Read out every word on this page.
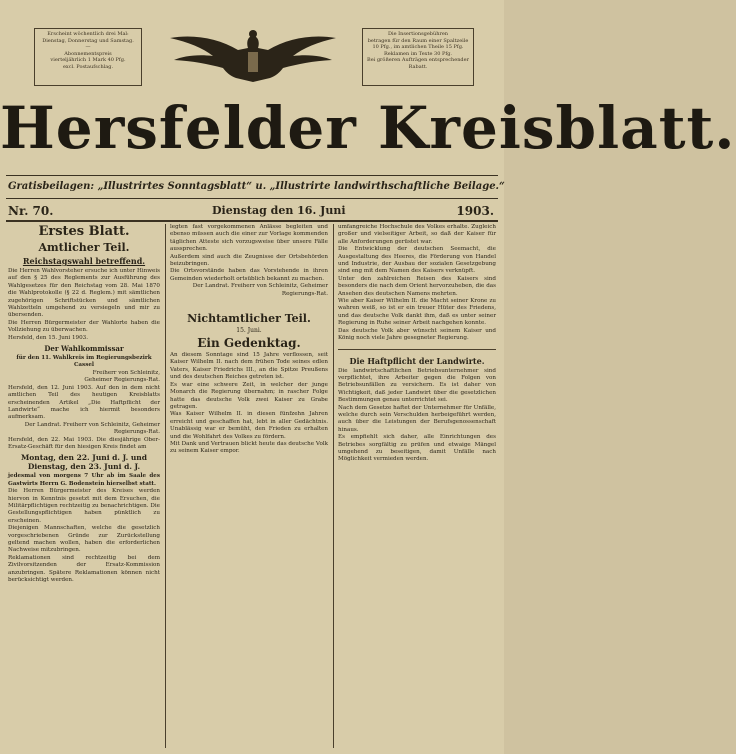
Erscheint wöchentlich drei Mal:
Dienstag, Donnerstag und Samstag.
—
Abonnementspreis
vierteljährlich 1 Mark 40 Pfg.
excl. Postaufschlag.
Die Insertionsgebühren
betragen für den Raum einer Spaltzeile
10 Pfg., im amtlichen Theile 15 Pfg.
Reklamen im Texte 30 Pfg.
Bei größeren Aufträgen entsprechender
Rabatt.
Hersfelder Kreisblatt.
Gratisbeilagen: „Illustrirtes Sonntagsblatt“ u. „Illustrirte landwirthschaftliche Beilage.“
Nr. 70.	Dienstag den 16. Juni	1903.
Erstes Blatt.
Amtlicher Teil.
Reichstagswahl betreffend.

Die Herren Wahlvorsteher ersuche ich unter Hinweis auf den § 25 des Reglements zur Ausführung des Wahlgesetzes für den Reichstag vom 28. Mai 1870 die Wahlprotokolle (§ 22 d. Reglem.) mit sämtlichen zugehörigen Schriftstücken und sämtlichen Wahlzetteln umgehend zu versiegeln und mir zu übersenden.

Die Herren Bürgermeister der Wahlorte haben die Vollziehung zu überwachen.

Hersfeld, den 15. Juni 1903.

Der Wahlkommissar

für den 11. Wahlkreis im Regierungsbezirk Cassel

Freiherr von Schleinitz,

Geheimer Regierungs-Rat.

Hersfeld, den 12. Juni 1903. Auf den in dem nicht amtlichen Teil des heutigen Kreisblatts erscheinenden Artikel „Die Haftpflicht der Landwirte“ mache ich hiermit besonders aufmerksam.

Der Landrat. Freiherr von Schleinitz, Geheimer Regierungs-Rat.

Hersfeld, den 22. Mai 1903. Die diesjährige Ober-Ersatz-Geschäft für den hiesigen Kreis findet am

Montag, den 22. Juni d. J. und Dienstag, den 23. Juni d. J.

jedesmal von morgens 7 Uhr ab im Saale des Gastwirts Herrn G. Bodenstein hierselbst statt.

Die Herren Bürgermeister des Kreises werden hiervon in Kenntnis gesetzt mit dem Ersuchen, die Militärpflichtigen rechtzeitig zu benachrichtigen. Die Gestellungspflichtigen haben pünktlich zu erscheinen.

Diejenigen Mannschaften, welche die gesetzlich vorgeschriebenen Gründe zur Zurückstellung geltend machen wollen, haben die erforderlichen Nachweise mitzubringen.

Reklamationen sind rechtzeitig bei dem Zivilvorsitzenden der Ersatz-Kommission anzubringen. Spätere Reklamationen können nicht berücksichtigt werden.

legten fast vorgekommenen Anlässe begleiten und ebenso müssen auch die einer zur Vorlage kommenden täglichen Atteste sich vorzugsweise über unsere Fälle aussprechen.

Außerdem sind auch die Zeugnisse der Ortsbehörden beizubringen.

Die Ortsvorstände haben das Vorstehende in ihren Gemeinden wiederholt ortsüblich bekannt zu machen.

Der Landrat. Freiherr von Schleinitz, Geheimer Regierungs-Rat.

Nichtamtlicher Teil.
15. Juni.
Ein Gedenktag.

An diesem Sonntage sind 15 Jahre verflossen, seit Kaiser Wilhelm II. nach dem frühen Tode seines edlen Vaters, Kaiser Friedrichs III., an die Spitze Preußens und des deutschen Reiches getreten ist.

Es war eine schwere Zeit, in welcher der junge Monarch die Regierung übernahm; in rascher Folge hatte das deutsche Volk zwei Kaiser zu Grabe getragen.

Was Kaiser Wilhelm II. in diesen fünfzehn Jahren erreicht und geschaffen hat, lebt in aller Gedächtnis. Unablässig war er bemüht, den Frieden zu erhalten und die Wohlfahrt des Volkes zu fördern.

Mit Dank und Vertrauen blickt heute das deutsche Volk zu seinem Kaiser empor.

umfangreiche Hochschule des Volkes erhalte. Zugleich großer und vielseitiger Arbeit, so daß der Kaiser für alle Anforderungen gerüstet war.

Die Entwicklung der deutschen Seemacht, die Ausgestaltung des Heeres, die Förderung von Handel und Industrie, der Ausbau der sozialen Gesetzgebung sind eng mit dem Namen des Kaisers verknüpft.

Unter den zahlreichen Reisen des Kaisers sind besonders die nach dem Orient hervorzuheben, die das Ansehen des deutschen Namens mehrten.

Wie aber Kaiser Wilhelm II. die Macht seiner Krone zu wahren weiß, so ist er ein treuer Hüter des Friedens, und das deutsche Volk dankt ihm, daß es unter seiner Regierung in Ruhe seiner Arbeit nachgehen konnte.

Das deutsche Volk aber wünscht seinem Kaiser und König noch viele Jahre gesegneter Regierung.

Die Haftpflicht der Landwirte.

Die landwirtschaftlichen Betriebsunternehmer sind verpflichtet, ihre Arbeiter gegen die Folgen von Betriebsunfällen zu versichern. Es ist daher von Wichtigkeit, daß jeder Landwirt über die gesetzlichen Bestimmungen genau unterrichtet sei.

Nach dem Gesetze haftet der Unternehmer für Unfälle, welche durch sein Verschulden herbeigeführt werden, auch über die Leistungen der Berufsgenossenschaft hinaus.

Es empfiehlt sich daher, alle Einrichtungen des Betriebes sorgfältig zu prüfen und etwaige Mängel umgehend zu beseitigen, damit Unfälle nach Möglichkeit vermieden werden.
